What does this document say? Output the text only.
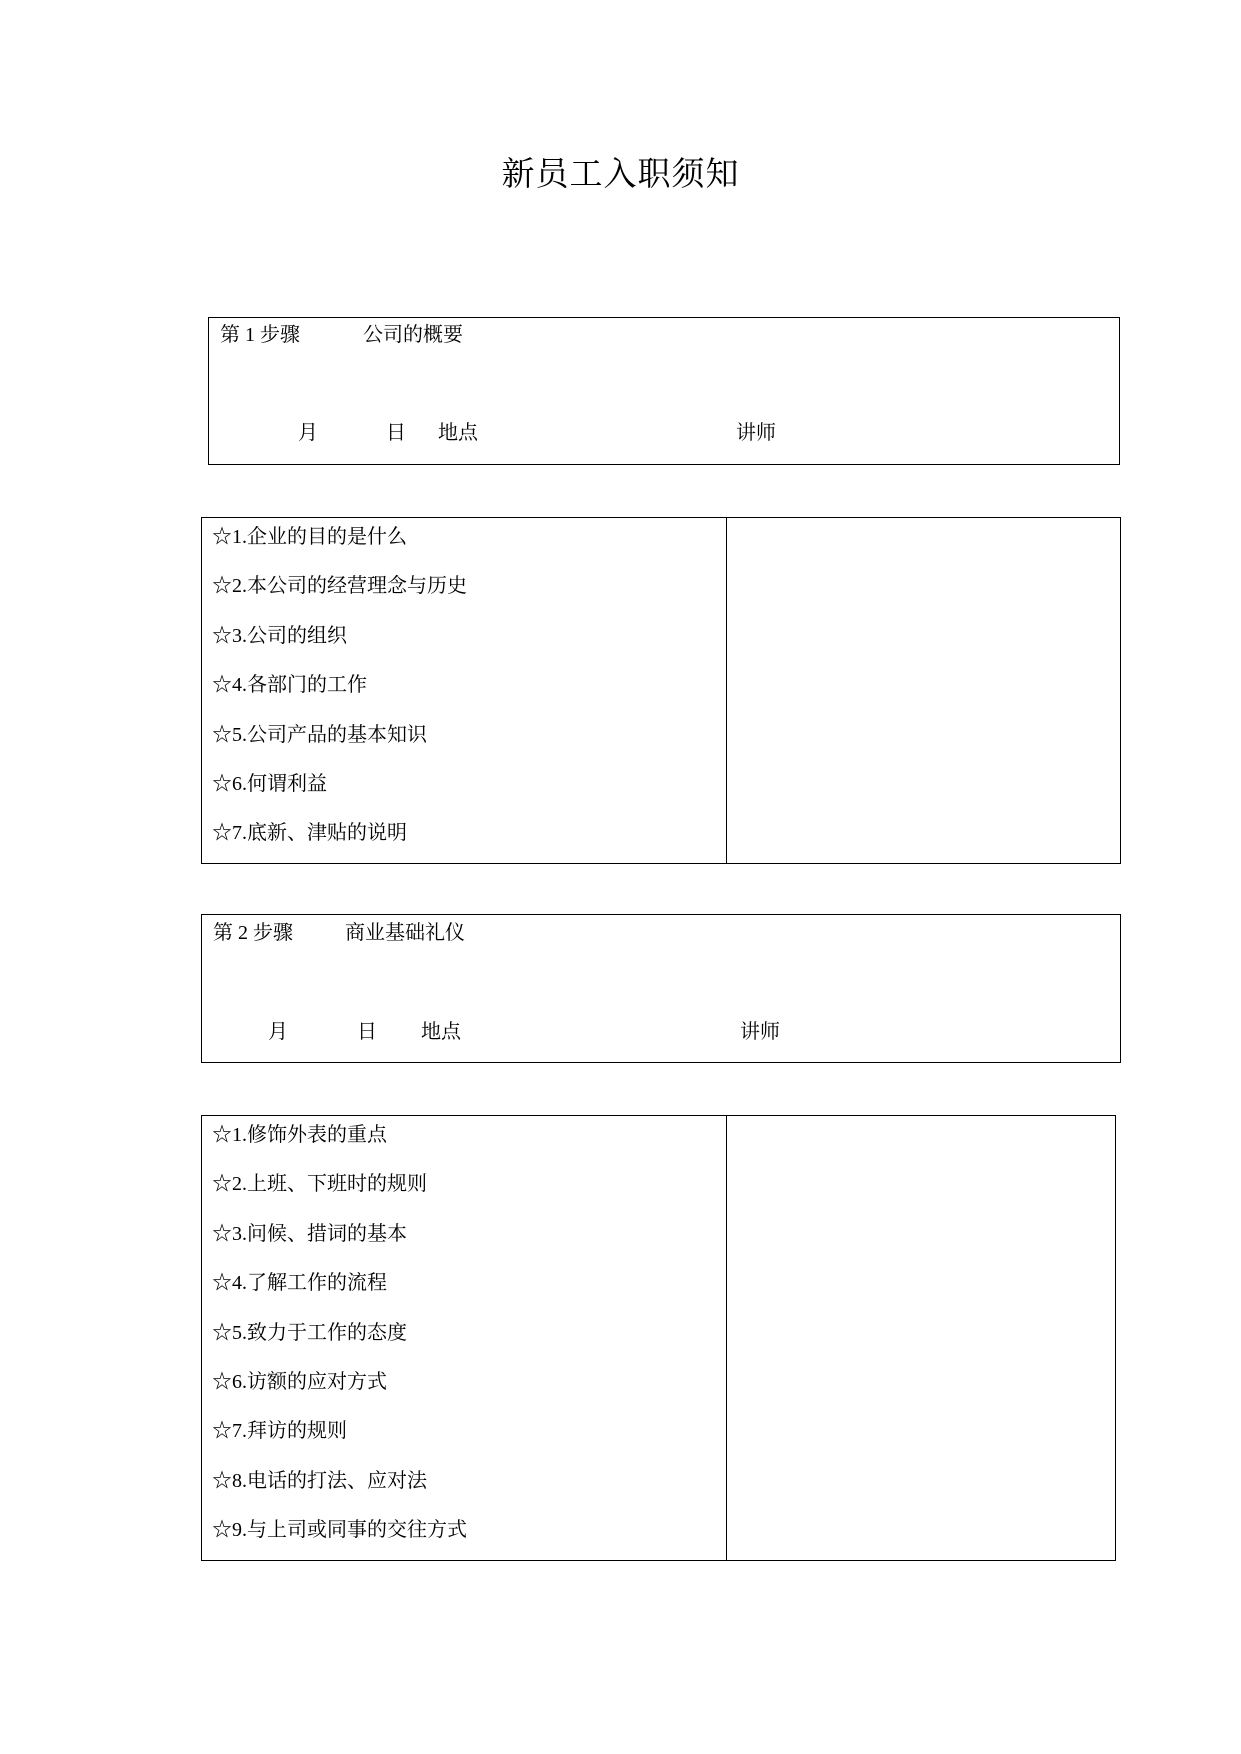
新员工入职须知
第 1 步骤	公司的概要
月	日 地点	讲师
☆1.企业的目的是什么
☆2.本公司的经营理念与历史
☆3.公司的组织
☆4.各部门的工作
☆5.公司产品的基本知识
☆6.何谓利益
☆7.底新、津贴的说明
第 2 步骤	商业基础礼仪
月	日 地点	讲师
☆1.修饰外表的重点
☆2.上班、下班时的规则
☆3.问候、措词的基本
☆4.了解工作的流程
☆5.致力于工作的态度
☆6.访额的应对方式
☆7.拜访的规则
☆8.电话的打法、应对法
☆9.与上司或同事的交往方式
